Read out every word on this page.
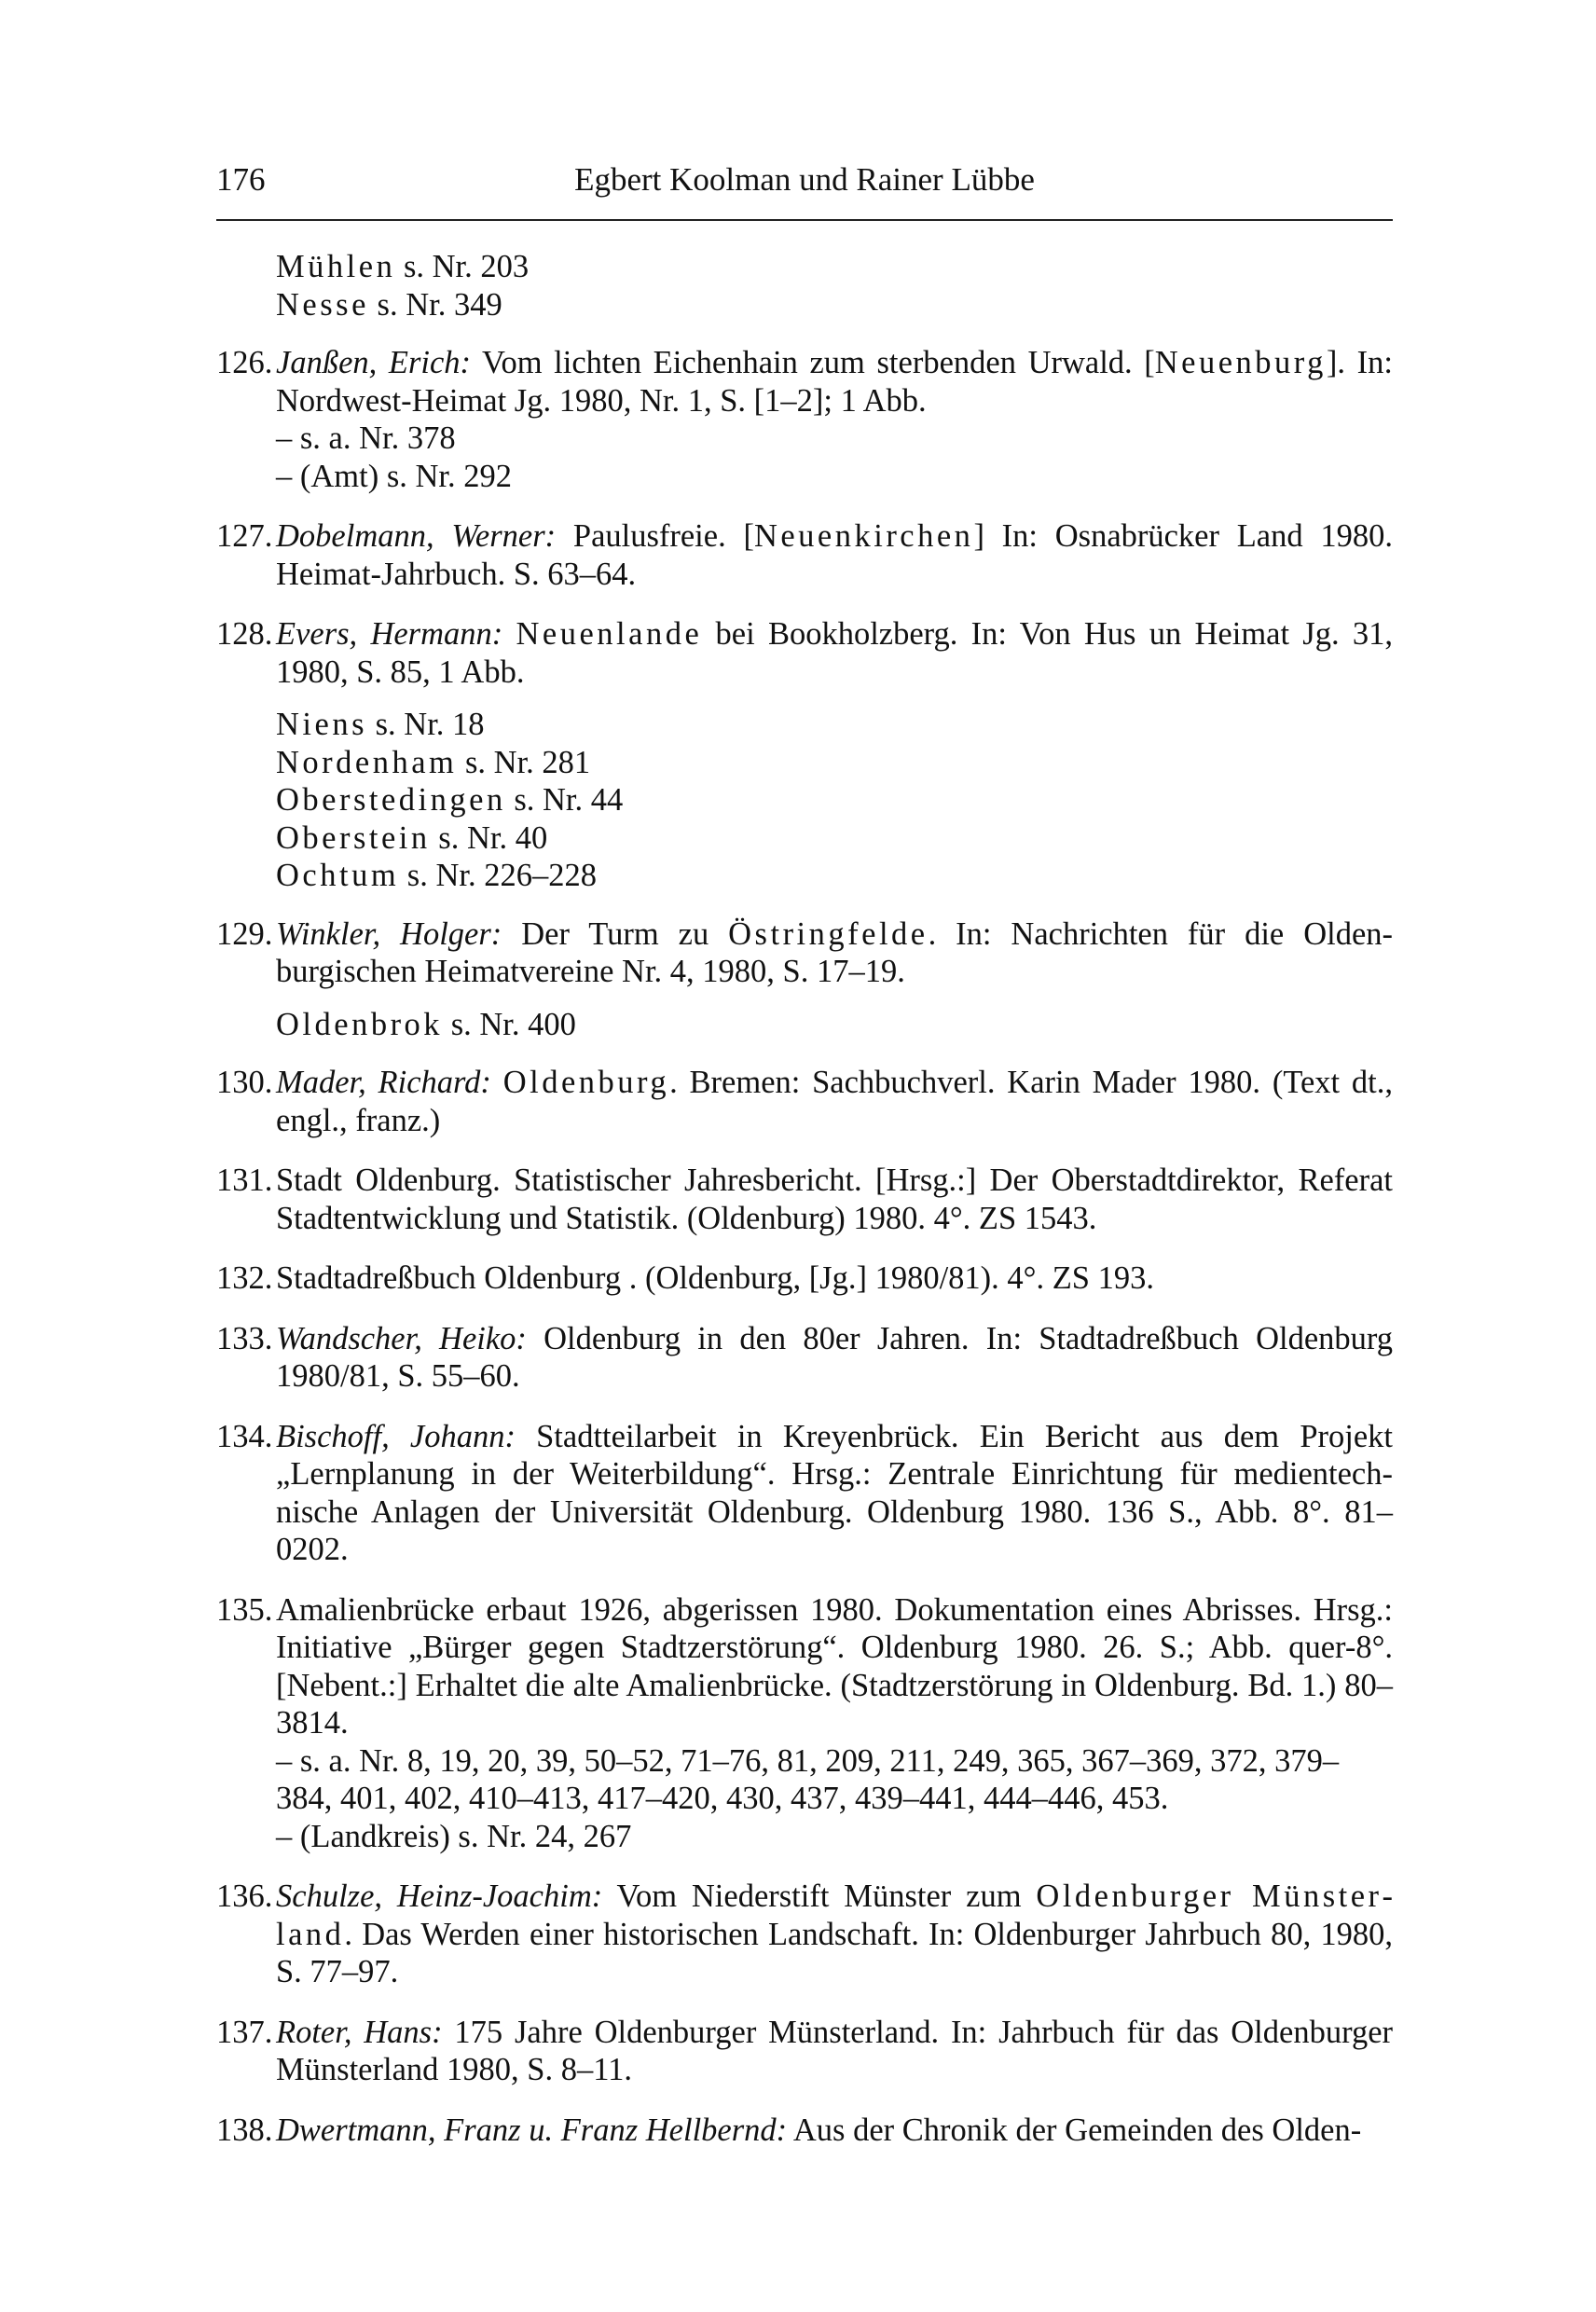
176	Egbert Koolman und Rainer Lübbe
Mühlen s. Nr. 203
Nesse s. Nr. 349
126. Janßen, Erich: Vom lichten Eichenhain zum sterbenden Urwald. [Neuenburg]. In: Nordwest-Heimat Jg. 1980, Nr. 1, S. [1–2]; 1 Abb.
– s. a. Nr. 378
– (Amt) s. Nr. 292
127. Dobelmann, Werner: Paulusfreie. [Neuenkirchen] In: Osnabrücker Land 1980. Heimat-Jahrbuch. S. 63–64.
128. Evers, Hermann: Neuenlande bei Bookholzberg. In: Von Hus un Heimat Jg. 31, 1980, S. 85, 1 Abb.
Niens s. Nr. 18
Nordenham s. Nr. 281
Oberstedingen s. Nr. 44
Oberstein s. Nr. 40
Ochtum s. Nr. 226–228
129. Winkler, Holger: Der Turm zu Östringfelde. In: Nachrichten für die Oldenburgischen Heimatvereine Nr. 4, 1980, S. 17–19.
Oldenbrok s. Nr. 400
130. Mader, Richard: Oldenburg. Bremen: Sachbuchverl. Karin Mader 1980. (Text dt., engl., franz.)
131. Stadt Oldenburg. Statistischer Jahresbericht. [Hrsg.:] Der Oberstadtdirektor, Referat Stadtentwicklung und Statistik. (Oldenburg) 1980. 4°. ZS 1543.
132. Stadtadreßbuch Oldenburg . (Oldenburg, [Jg.] 1980/81). 4°. ZS 193.
133. Wandscher, Heiko: Oldenburg in den 80er Jahren. In: Stadtadreßbuch Oldenburg 1980/81, S. 55–60.
134. Bischoff, Johann: Stadtteilarbeit in Kreyenbrück. Ein Bericht aus dem Projekt „Lernplanung in der Weiterbildung“. Hrsg.: Zentrale Einrichtung für medientechnische Anlagen der Universität Oldenburg. Oldenburg 1980. 136 S., Abb. 8°. 81–0202.
135. Amalienbrücke erbaut 1926, abgerissen 1980. Dokumentation eines Abrisses. Hrsg.: Initiative „Bürger gegen Stadtzerstörung“. Oldenburg 1980. 26. S.; Abb. quer-8°. [Nebent.:] Erhaltet die alte Amalienbrücke. (Stadtzerstörung in Oldenburg. Bd. 1.) 80–3814.
– s. a. Nr. 8, 19, 20, 39, 50–52, 71–76, 81, 209, 211, 249, 365, 367–369, 372, 379–384, 401, 402, 410–413, 417–420, 430, 437, 439–441, 444–446, 453.
– (Landkreis) s. Nr. 24, 267
136. Schulze, Heinz-Joachim: Vom Niederstift Münster zum Oldenburger Münsterland. Das Werden einer historischen Landschaft. In: Oldenburger Jahrbuch 80, 1980, S. 77–97.
137. Roter, Hans: 175 Jahre Oldenburger Münsterland. In: Jahrbuch für das Oldenburger Münsterland 1980, S. 8–11.
138. Dwertmann, Franz u. Franz Hellbernd: Aus der Chronik der Gemeinden des Olden-
